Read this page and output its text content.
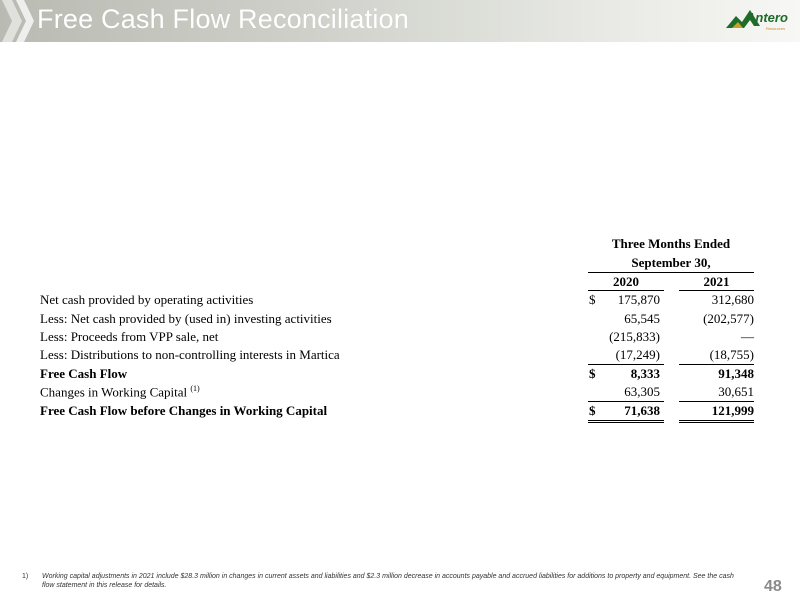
Free Cash Flow Reconciliation	Antero
Resources
Three Months Ended
September 30,
2020	2021
Net cash provided by operating activities	$	175,870	312,680
Less: Net cash provided by (used in) investing activities	65,545	(202,577)
Less: Proceeds from VPP sale, net	(215,833)	—
Less: Distributions to non-controlling interests in Martica	(17,249)	(18,755)
Free Cash Flow	$	8,333	91,348
Changes in Working Capital $^{(1)}$	63,305	30,651
Free Cash Flow before Changes in Working Capital	$	71,638	121,999
1) Working capital adjustments in 2021 include $28.3 million in changes in current assets and liabilities and $2.3 million decrease in accounts payable and accrued liabilities for additions to property and equipment. See the cash flow statement in this release for details.	48
